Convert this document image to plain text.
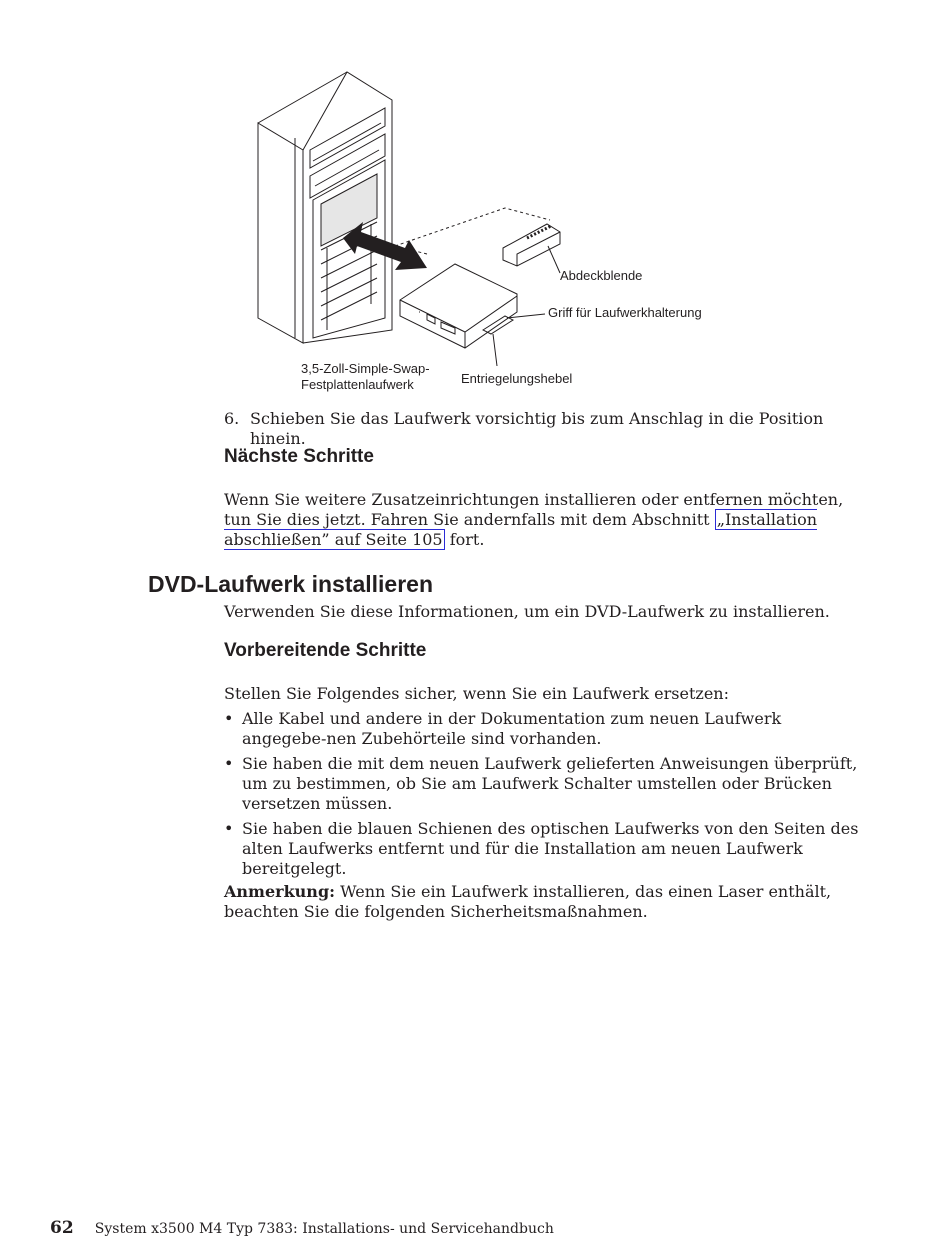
Abdeckblende
Griff für Laufwerkhalterung
3,5-Zoll-Simple-Swap-
Festplattenlaufwerk	Entriegelungshebel
6. Schieben Sie das Laufwerk vorsichtig bis zum Anschlag in die Position hinein.
Nächste Schritte

Wenn Sie weitere Zusatzeinrichtungen installieren oder entfernen möchten, tun Sie dies jetzt. Fahren Sie andernfalls mit dem Abschnitt „Installation abschließen” auf Seite 105 fort.

DVD-Laufwerk installieren

Verwenden Sie diese Informationen, um ein DVD-Laufwerk zu installieren.

Vorbereitende Schritte

Stellen Sie Folgendes sicher, wenn Sie ein Laufwerk ersetzen:

• Alle Kabel und andere in der Dokumentation zum neuen Laufwerk angegebe-nen Zubehörteile sind vorhanden.
• Sie haben die mit dem neuen Laufwerk gelieferten Anweisungen überprüft, um zu bestimmen, ob Sie am Laufwerk Schalter umstellen oder Brücken versetzen müssen.
• Sie haben die blauen Schienen des optischen Laufwerks von den Seiten des alten Laufwerks entfernt und für die Installation am neuen Laufwerk bereitgelegt.

Anmerkung: Wenn Sie ein Laufwerk installieren, das einen Laser enthält, beachten Sie die folgenden Sicherheitsmaßnahmen.

62 System x3500 M4 Typ 7383: Installations- und Servicehandbuch
